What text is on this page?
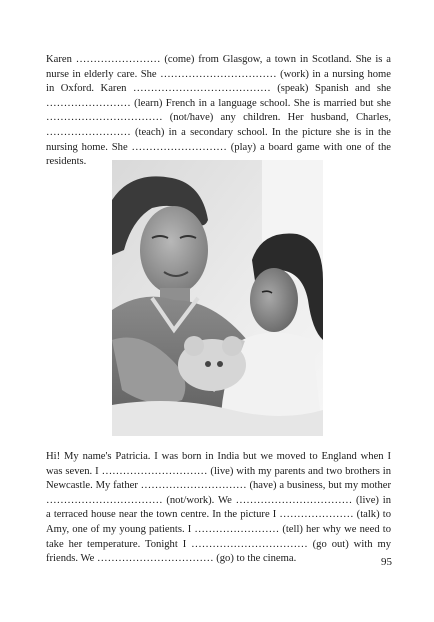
Karen …………………… (come) from Glasgow, a town in Scotland. She is a nurse in elderly care. She …………………………… (work) in a nursing home in Oxford. Karen ………………………………… (speak) Spanish and she …………………… (learn) French in a language school. She is married but she …………………………… (not/have) any children. Her husband, Charles, …………………… (teach) in a secondary school. In the picture she is in the nursing home. She ……………………… (play) a board game with one of the residents.

Hi! My name's Patricia. I was born in India but we moved to England when I was seven. I ………………………… (live) with my parents and two brothers in Newcastle. My father ………………………… (have) a business, but my mother …………………………… (not/work). We …………………………… (live) in a terraced house near the town centre. In the picture I ………………… (talk) to Amy, one of my young patients. I …………………… (tell) her why we need to take her temperature. Tonight I …………………………… (go out) with my friends. We …………………………… (go) to the cinema.	95
